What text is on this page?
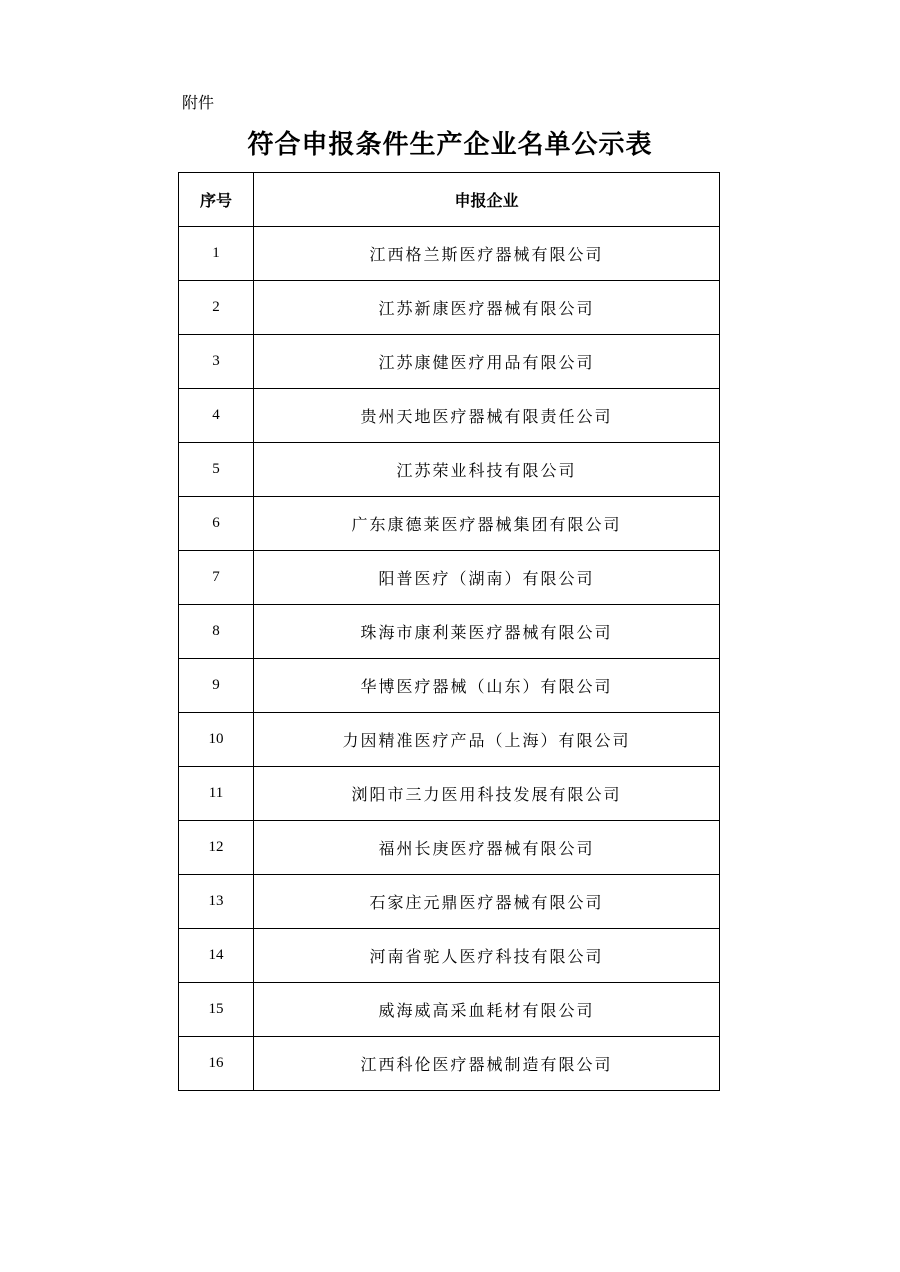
附件
符合申报条件生产企业名单公示表
序号	申报企业
1	江西格兰斯医疗器械有限公司
2	江苏新康医疗器械有限公司
3	江苏康健医疗用品有限公司
4	贵州天地医疗器械有限责任公司
5	江苏荣业科技有限公司
6	广东康德莱医疗器械集团有限公司
7	阳普医疗（湖南）有限公司
8	珠海市康利莱医疗器械有限公司
9	华博医疗器械（山东）有限公司
10	力因精准医疗产品（上海）有限公司
11	浏阳市三力医用科技发展有限公司
12	福州长庚医疗器械有限公司
13	石家庄元鼎医疗器械有限公司
14	河南省驼人医疗科技有限公司
15	威海威高采血耗材有限公司
16	江西科伦医疗器械制造有限公司
